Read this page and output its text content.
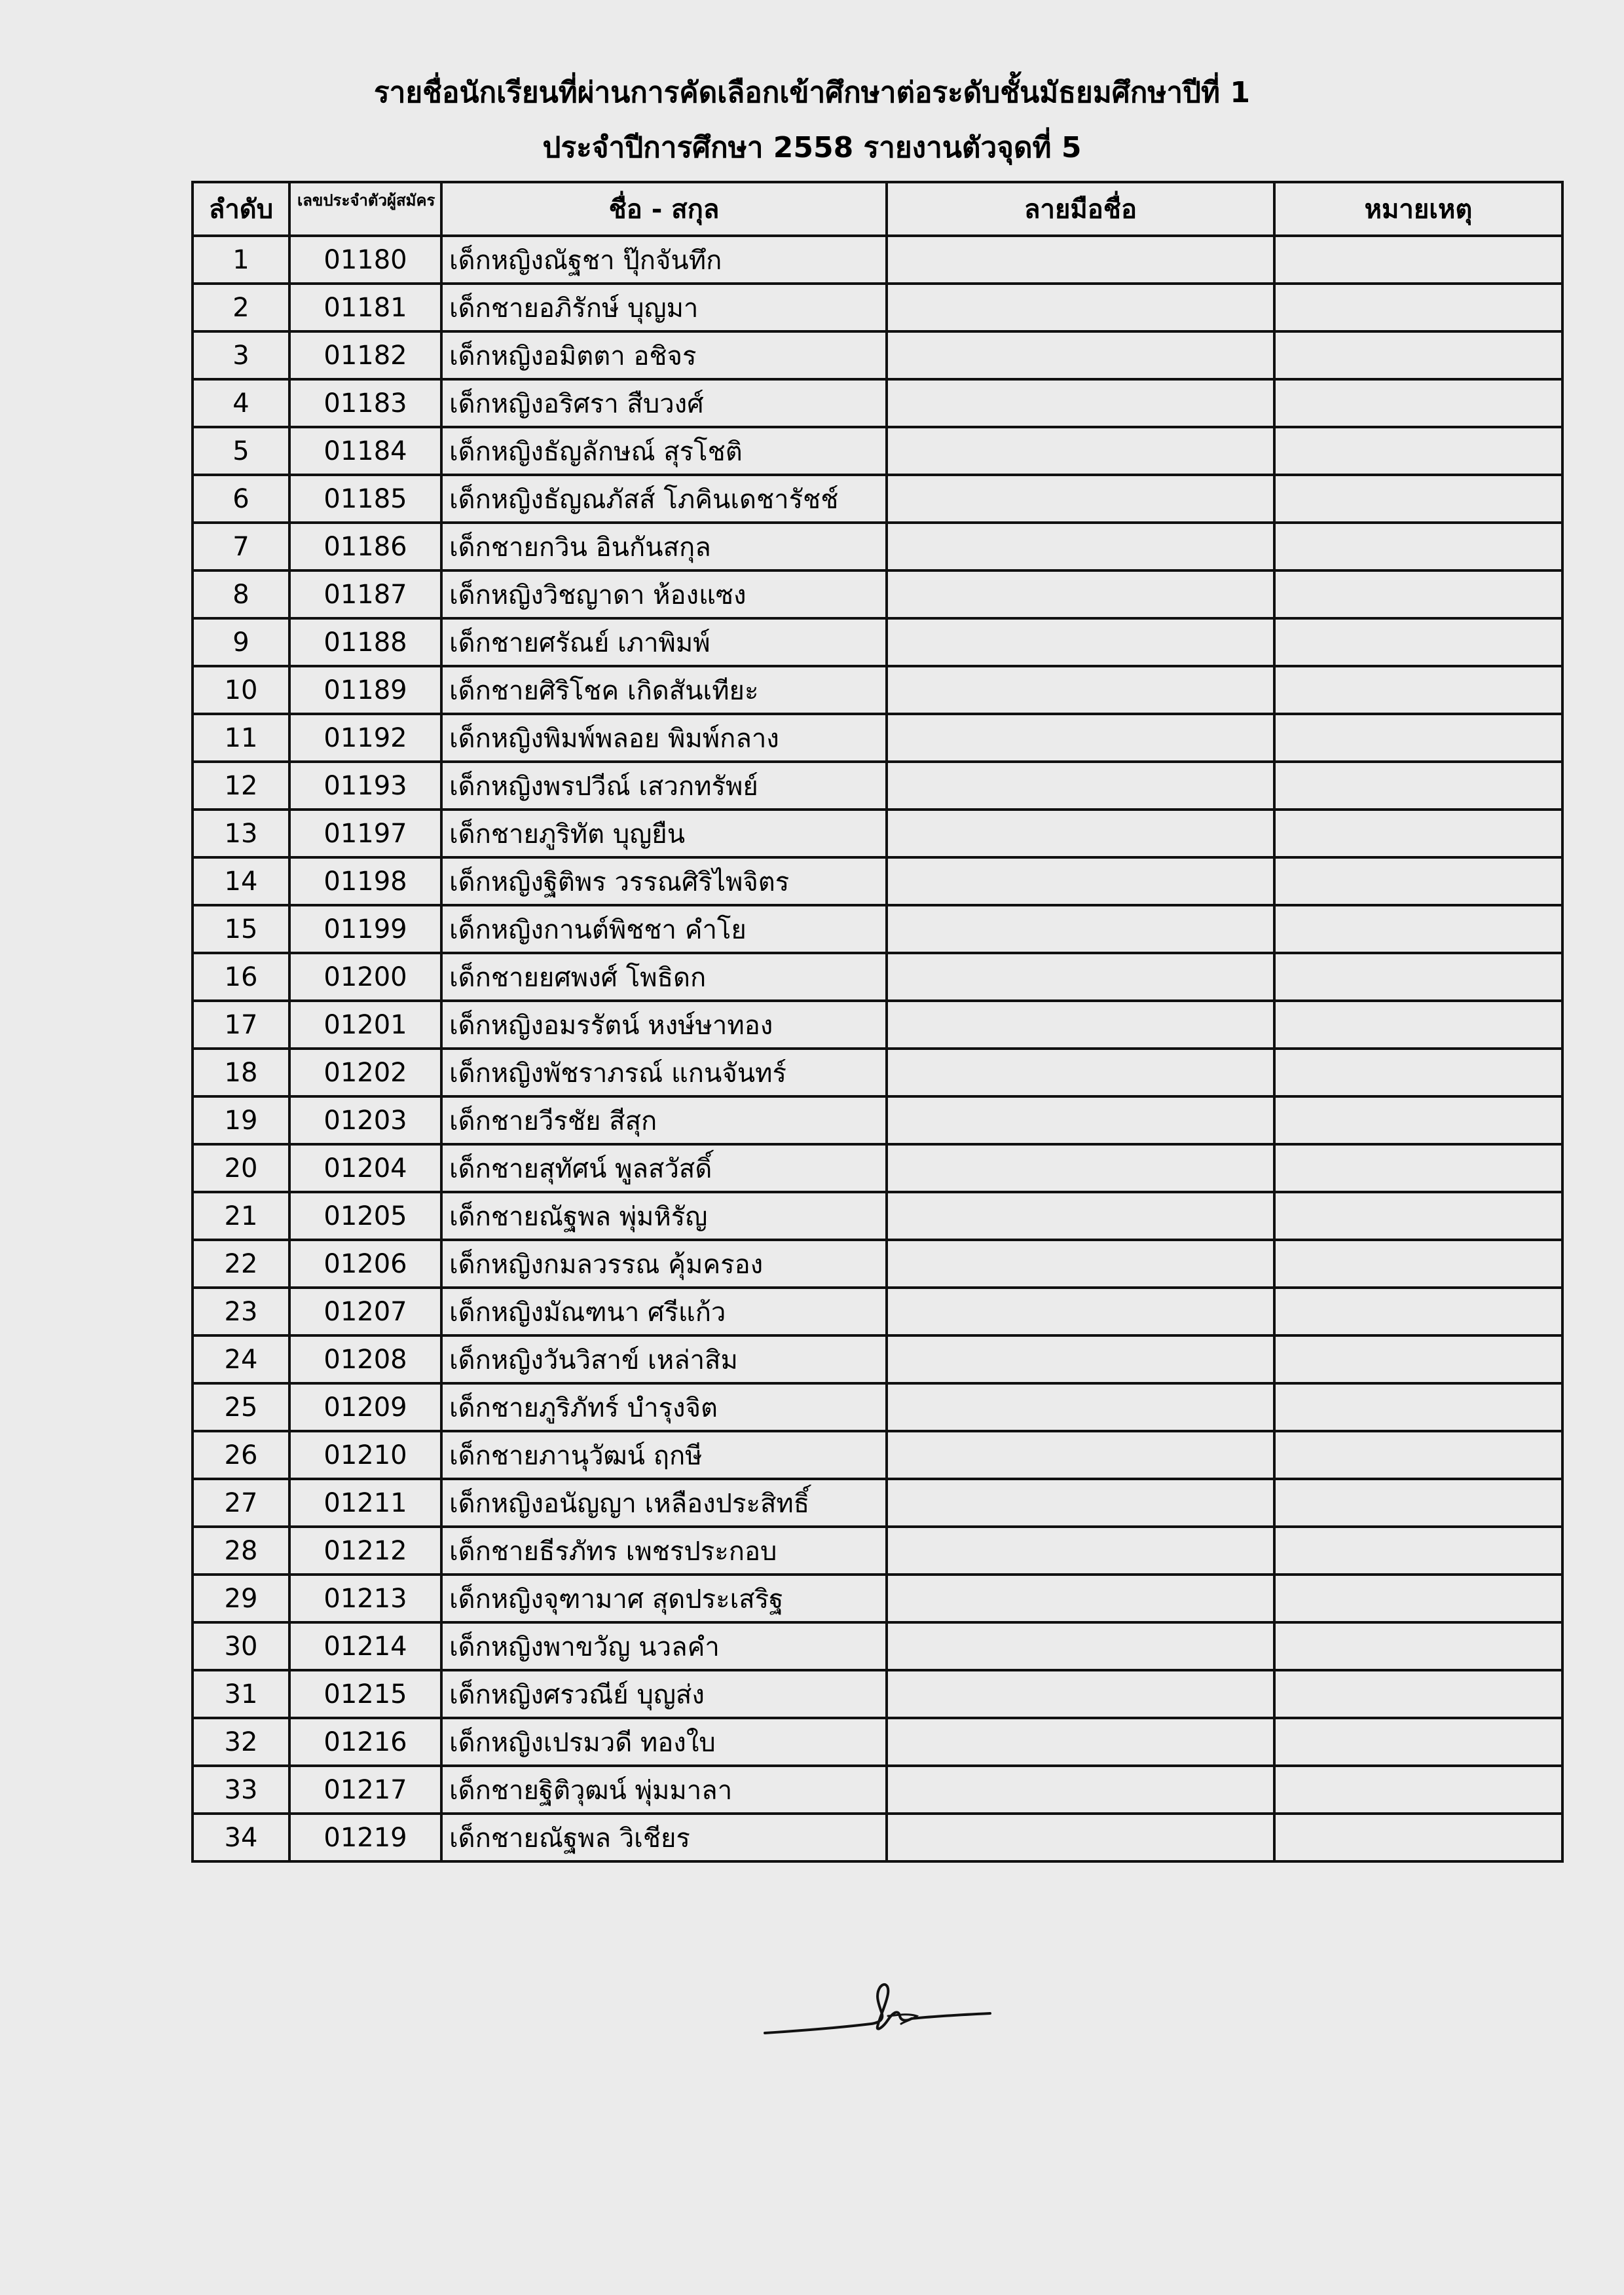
รายชื่อนักเรียนที่ผ่านการคัดเลือกเข้าศึกษาต่อระดับชั้นมัธยมศึกษาปีที่ 1
ประจำปีการศึกษา 2558 รายงานตัวจุดที่ 5
ลำดับ	เลขประจำตัวผู้สมัคร	ชื่อ - สกุล	ลายมือชื่อ	หมายเหตุ
1	01180	เด็กหญิงณัฐชา ปุ๊กจันทึก		
2	01181	เด็กชายอภิรักษ์ บุญมา		
3	01182	เด็กหญิงอมิตตา อชิจร		
4	01183	เด็กหญิงอริศรา สืบวงศ์		
5	01184	เด็กหญิงธัญลักษณ์ สุรโชติ		
6	01185	เด็กหญิงธัญณภัสส์ โภคินเดชารัชช์		
7	01186	เด็กชายกวิน อินกันสกุล		
8	01187	เด็กหญิงวิชญาดา ห้องแซง		
9	01188	เด็กชายศรัณย์ เภาพิมพ์		
10	01189	เด็กชายศิริโชค เกิดสันเทียะ		
11	01192	เด็กหญิงพิมพ์พลอย พิมพ์กลาง		
12	01193	เด็กหญิงพรปวีณ์ เสวกทรัพย์		
13	01197	เด็กชายภูริทัต บุญยืน		
14	01198	เด็กหญิงฐิติพร วรรณศิริไพจิตร		
15	01199	เด็กหญิงกานต์พิชชา คำโย		
16	01200	เด็กชายยศพงศ์ โพธิดก		
17	01201	เด็กหญิงอมรรัตน์ หงษ์ษาทอง		
18	01202	เด็กหญิงพัชราภรณ์ แกนจันทร์		
19	01203	เด็กชายวีรชัย สีสุก		
20	01204	เด็กชายสุทัศน์ พูลสวัสดิ์		
21	01205	เด็กชายณัฐพล พุ่มหิรัญ		
22	01206	เด็กหญิงกมลวรรณ คุ้มครอง		
23	01207	เด็กหญิงมัณฑนา ศรีแก้ว		
24	01208	เด็กหญิงวันวิสาข์ เหล่าสิม		
25	01209	เด็กชายภูริภัทร์ บำรุงจิต		
26	01210	เด็กชายภานุวัฒน์ ฤกษี		
27	01211	เด็กหญิงอนัญญา เหลืองประสิทธิ์		
28	01212	เด็กชายธีรภัทร เพชรประกอบ		
29	01213	เด็กหญิงจุฑามาศ สุดประเสริฐ		
30	01214	เด็กหญิงพาขวัญ นวลคำ		
31	01215	เด็กหญิงศรวณีย์ บุญส่ง		
32	01216	เด็กหญิงเปรมวดี ทองใบ		
33	01217	เด็กชายฐิติวุฒน์ พุ่มมาลา		
34	01219	เด็กชายณัฐพล วิเชียร		
